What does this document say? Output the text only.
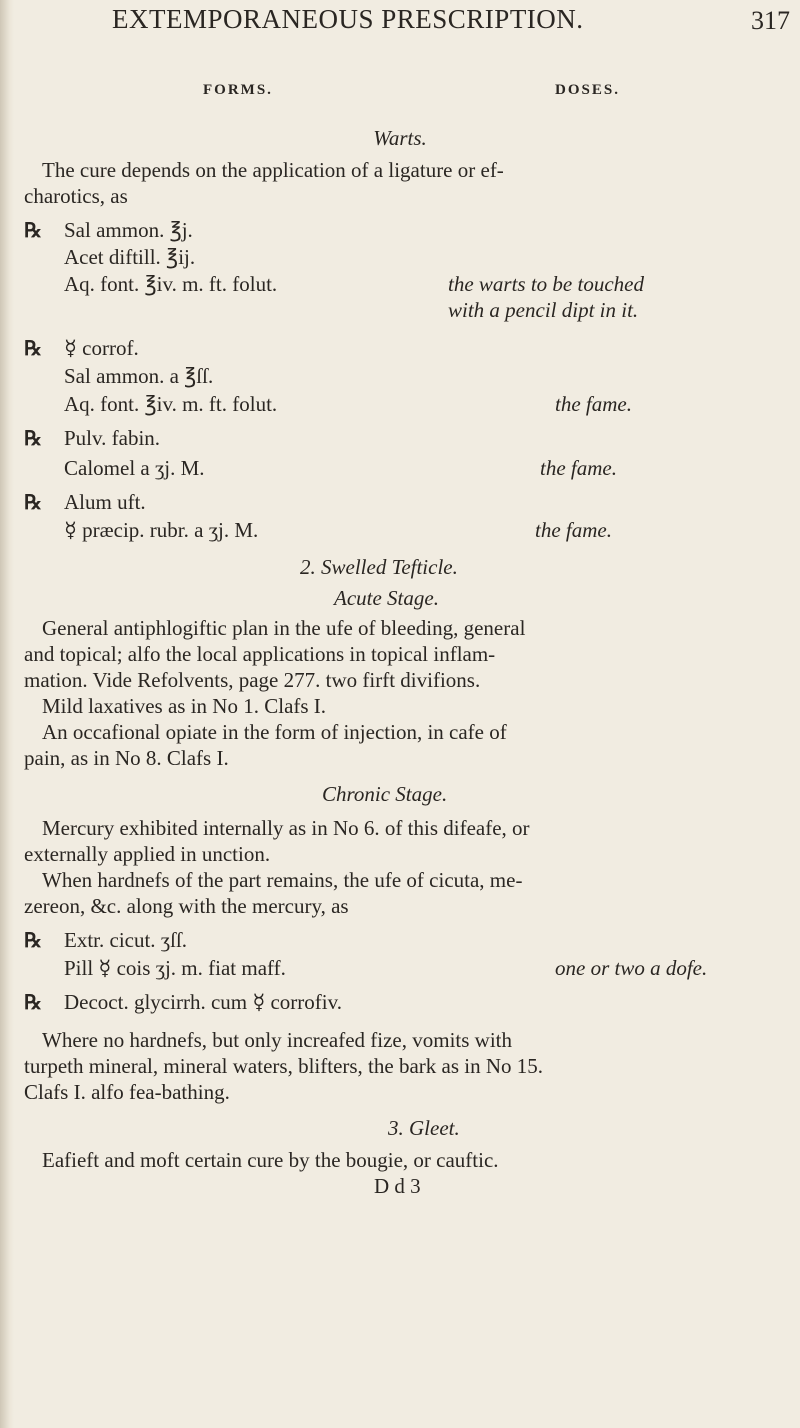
EXTEMPORANEOUS PRESCRIPTION.	317
FORMS.	DOSES.
Warts.
The cure depends on the application of a ligature or ef-
charotics, as
℞ Sal ammon. ℥j.
Acet diftill. ℥ij.
Aq. font. ℥iv. m. ft. folut.	the warts to be touched
with a pencil dipt in it.
℞ ☿ corrof.
Sal ammon. a ℥ſſ.
Aq. font. ℥iv. m. ft. folut.	the fame.
℞ Pulv. fabin.
Calomel a ʒj. M.	the fame.
℞ Alum uft.
☿ præcip. rubr. a ʒj. M.	the fame.
2. Swelled Tefticle.
Acute Stage.
General antiphlogiftic plan in the ufe of bleeding, general
and topical; alfo the local applications in topical inflam-
mation. Vide Refolvents, page 277. two firft divifions.
Mild laxatives as in No 1. Clafs I.
An occafional opiate in the form of injection, in cafe of
pain, as in No 8. Clafs I.
Chronic Stage.
Mercury exhibited internally as in No 6. of this difeafe, or
externally applied in unction.
When hardnefs of the part remains, the ufe of cicuta, me-
zereon, &c. along with the mercury, as
℞ Extr. cicut. ʒſſ.
Pill ☿ cois ʒj. m. fiat maff.	one or two a dofe.
℞ Decoct. glycirrh. cum ☿ corrofiv.
Where no hardnefs, but only increafed fize, vomits with
turpeth mineral, mineral waters, blifters, the bark as in No 15.
Clafs I. alfo fea-bathing.
3. Gleet.
Eafieft and moft certain cure by the bougie, or cauftic.
D d 3
